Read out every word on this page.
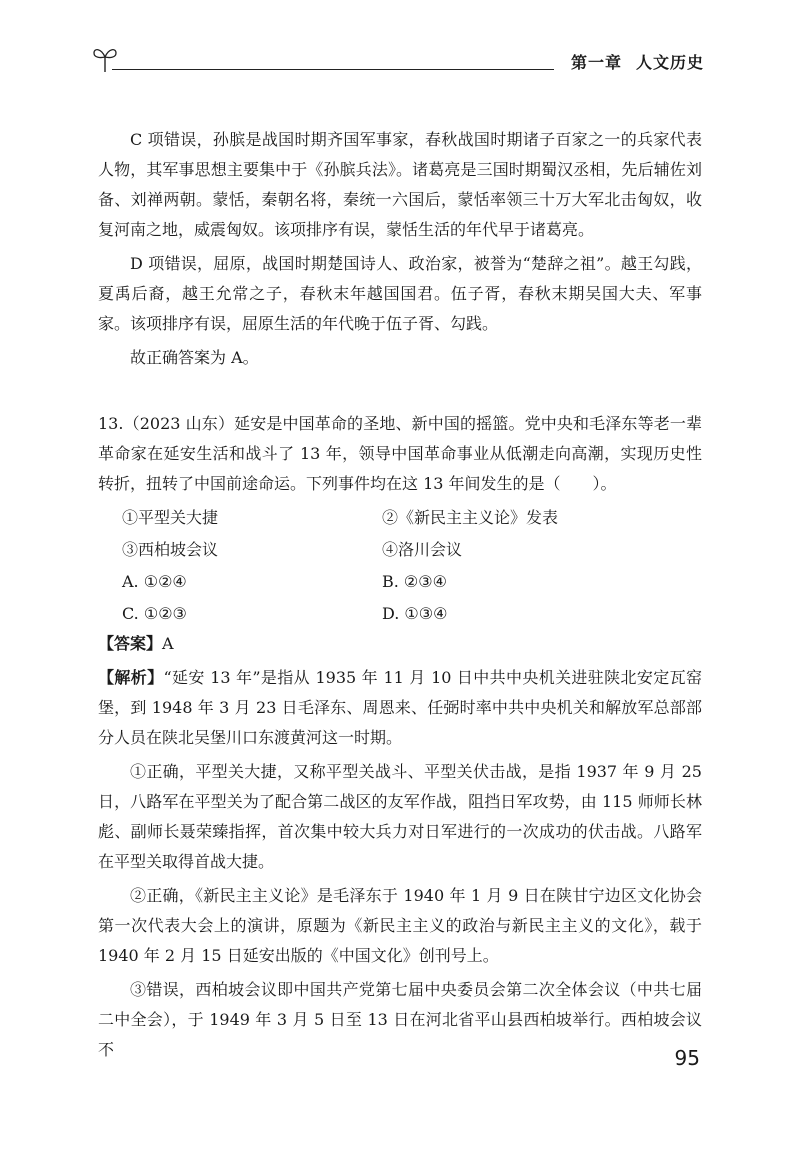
第一章 人文历史

C 项错误，孙膑是战国时期齐国军事家，春秋战国时期诸子百家之一的兵家代表人物，其军事思想主要集中于《孙膑兵法》。诸葛亮是三国时期蜀汉丞相，先后辅佐刘备、刘禅两朝。蒙恬，秦朝名将，秦统一六国后，蒙恬率领三十万大军北击匈奴，收复河南之地，威震匈奴。该项排序有误，蒙恬生活的年代早于诸葛亮。

D 项错误，屈原，战国时期楚国诗人、政治家，被誉为“楚辞之祖”。越王勾践，夏禹后裔，越王允常之子，春秋末年越国国君。伍子胥，春秋末期吴国大夫、军事家。该项排序有误，屈原生活的年代晚于伍子胥、勾践。

故正确答案为 A。

13.（2023 山东）延安是中国革命的圣地、新中国的摇篮。党中央和毛泽东等老一辈革命家在延安生活和战斗了 13 年，领导中国革命事业从低潮走向高潮，实现历史性转折，扭转了中国前途命运。下列事件均在这 13 年间发生的是（　　）。

①平型关大捷	②《新民主主义论》发表
③西柏坡会议	④洛川会议
A. ①②④	B. ②③④
C. ①②③	D. ①③④

【答案】A

【解析】“延安 13 年”是指从 1935 年 11 月 10 日中共中央机关进驻陕北安定瓦窑堡，到 1948 年 3 月 23 日毛泽东、周恩来、任弼时率中共中央机关和解放军总部部分人员在陕北吴堡川口东渡黄河这一时期。

①正确，平型关大捷，又称平型关战斗、平型关伏击战，是指 1937 年 9 月 25 日，八路军在平型关为了配合第二战区的友军作战，阻挡日军攻势，由 115 师师长林彪、副师长聂荣臻指挥，首次集中较大兵力对日军进行的一次成功的伏击战。八路军在平型关取得首战大捷。

②正确，《新民主主义论》是毛泽东于 1940 年 1 月 9 日在陕甘宁边区文化协会第一次代表大会上的演讲，原题为《新民主主义的政治与新民主主义的文化》，载于 1940 年 2 月 15 日延安出版的《中国文化》创刊号上。

③错误，西柏坡会议即中国共产党第七届中央委员会第二次全体会议（中共七届二中全会），于 1949 年 3 月 5 日至 13 日在河北省平山县西柏坡举行。西柏坡会议不	95
